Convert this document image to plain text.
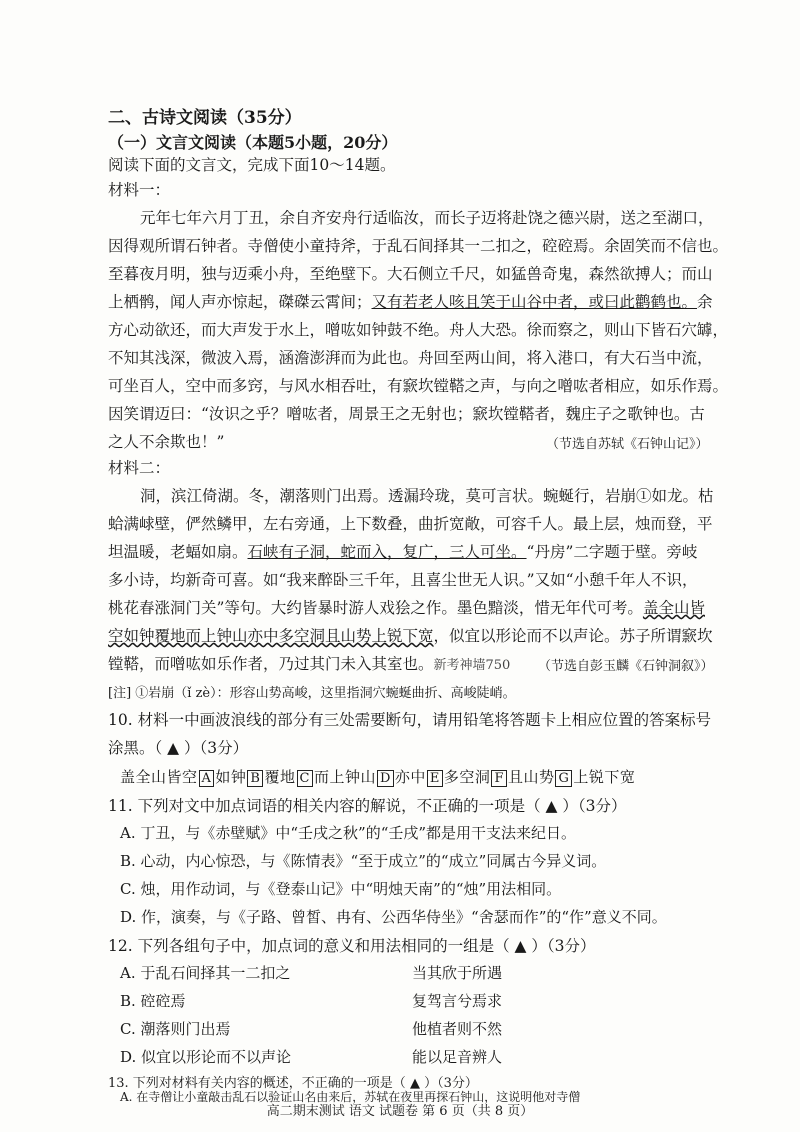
二、古诗文阅读（35分）
（一）文言文阅读（本题5小题，20分）
阅读下面的文言文，完成下面10～14题。
材料一：
元年七年六月丁丑，余自齐安舟行适临汝，而长子迈将赴饶之德兴尉，送之至湖口，
因得观所谓石钟者。寺僧使小童持斧，于乱石间择其一二扣之，硿硿焉。余固笑而不信也。
至暮夜月明，独与迈乘小舟，至绝壁下。大石侧立千尺，如猛兽奇鬼，森然欲搏人；而山
上栖鹘，闻人声亦惊起，磔磔云霄间；又有若老人咳且笑于山谷中者，或曰此鹳鹤也。余
方心动欲还，而大声发于水上，噌吰如钟鼓不绝。舟人大恐。徐而察之，则山下皆石穴罅，
不知其浅深，微波入焉，涵澹澎湃而为此也。舟回至两山间，将入港口，有大石当中流，
可坐百人，空中而多窍，与风水相吞吐，有窾坎镗鞳之声，与向之噌吰者相应，如乐作焉。
因笑谓迈曰：“汝识之乎？噌吰者，周景王之无射也；窾坎镗鞳者，魏庄子之歌钟也。古
之人不余欺也！”	（节选自苏轼《石钟山记》）
材料二：
洞，滨江倚湖。冬，潮落则门出焉。透漏玲珑，莫可言状。蜿蜒行，岩崩①如龙。枯
蛤满㟈壁，俨然鳞甲，左右旁通，上下数叠，曲折宽敞，可容千人。最上层，烛而登，平
坦温暖，老蝠如扇。石峡有子洞，蛇而入，复广，三人可坐。“丹房”二字题于壁。旁岐
多小诗，均新奇可喜。如“我来醉卧三千年，且喜尘世无人识。”又如“小憩千年人不识，
桃花春涨洞门关”等句。大约皆暴时游人戏狯之作。墨色黯淡，惜无年代可考。盖全山皆
空如钟覆地而上钟山亦中多空洞且山势上锐下宽，似宜以形论而不以声论。苏子所谓窾坎
镗鞳，而噌吰如乐作者，乃过其门未入其室也。新考神墙750 （节选自彭玉麟《石钟洞叙》）
[注] ①岩崩（ǐ zè）：形容山势高峻，这里指洞穴蜿蜒曲折、高峻陡峭。
10. 材料一中画波浪线的部分有三处需要断句，请用铅笔将答题卡上相应位置的答案标号
涂黑。（ ▲ ）（3分）
盖全山皆空 A 如钟 B 覆地 C 而上钟山 D 亦中 E 多空洞 F 且山势 G 上锐下宽
11. 下列对文中加点词语的相关内容的解说，不正确的一项是（ ▲ ）（3分）
A. 丁丑，与《赤壁赋》中“壬戌之秋”的“壬戌”都是用干支法来纪日。
B. 心动，内心惊恐，与《陈情表》“至于成立”的“成立”同属古今异义词。
C. 烛，用作动词，与《登泰山记》中“明烛天南”的“烛”用法相同。
D. 作，演奏，与《子路、曾皙、冉有、公西华侍坐》“舍瑟而作”的“作”意义不同。
12. 下列各组句子中，加点词的意义和用法相同的一组是（ ▲ ）（3分）
A. 于乱石间择其一二扣之	当其欣于所遇
B. 硿硿焉	复驾言兮焉求
C. 潮落则门出焉	他植者则不然
D. 似宜以形论而不以声论	能以足音辨人
13. 下列对材料有关内容的概述，不正确的一项是（ ▲ ）（3分）
高二期末测试 语文 试题卷 第 6 页（共 8 页）
A. 在寺僧让小童敲击乱石以验证山名由来后，苏轼在夜里再探石钟山，这说明他对寺僧
